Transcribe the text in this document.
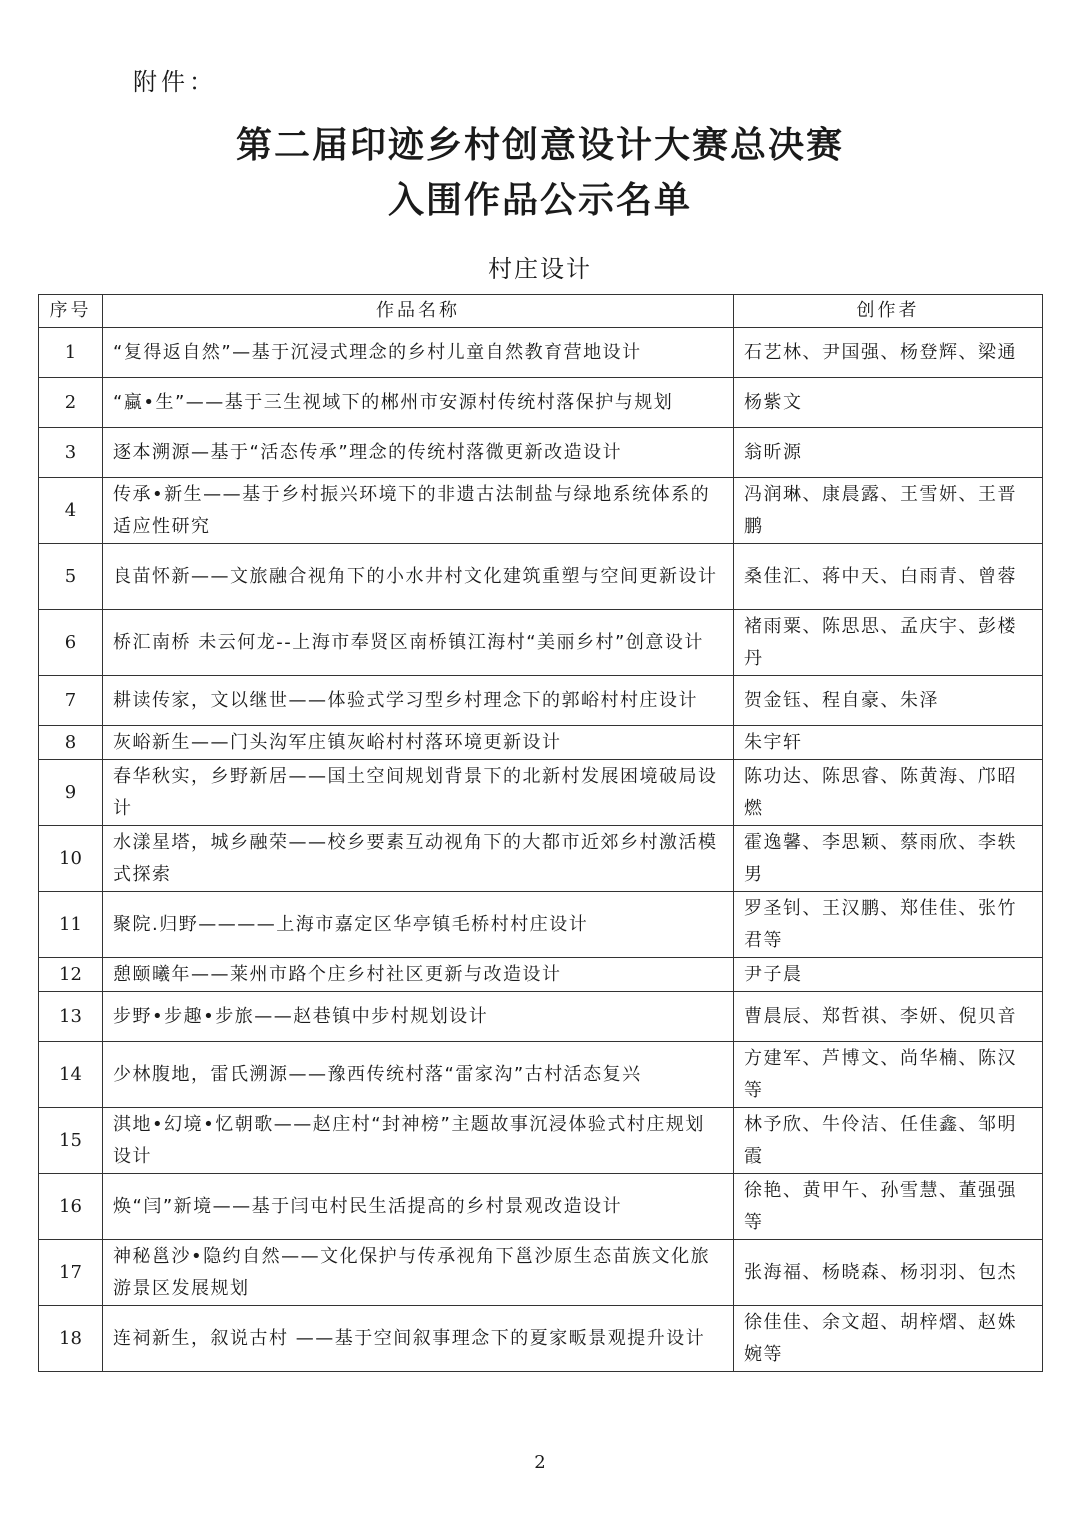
附件：
第二届印迹乡村创意设计大赛总决赛
入围作品公示名单
村庄设计
序号	作品名称	创作者
1	“复得返自然”—基于沉浸式理念的乡村儿童自然教育营地设计	石艺林、尹国强、杨登辉、梁通
2	“蠃•生”——基于三生视域下的郴州市安源村传统村落保护与规划	杨紫文
3	逐本溯源—基于“活态传承”理念的传统村落微更新改造设计	翁昕源
4	传承•新生——基于乡村振兴环境下的非遗古法制盐与绿地系统体系的适应性研究	冯润琳、康晨露、王雪妍、王晋鹏
5	良苗怀新——文旅融合视角下的小水井村文化建筑重塑与空间更新设计	桑佳汇、蒋中天、白雨青、曾蓉
6	桥汇南桥 未云何龙--上海市奉贤区南桥镇江海村“美丽乡村”创意设计	褚雨粟、陈思思、孟庆宇、彭楼丹
7	耕读传家，文以继世——体验式学习型乡村理念下的郭峪村村庄设计	贺金钰、程自豪、朱泽
8	灰峪新生——门头沟军庄镇灰峪村村落环境更新设计	朱宇轩
9	春华秋实，乡野新居——国土空间规划背景下的北新村发展困境破局设计	陈功达、陈思睿、陈黄海、邝昭燃
10	水漾星塔，城乡融荣——校乡要素互动视角下的大都市近郊乡村激活模式探索	霍逸馨、李思颖、蔡雨欣、李轶男
11	聚院.归野————上海市嘉定区华亭镇毛桥村村庄设计	罗圣钊、王汉鹏、郑佳佳、张竹君等
12	憩颐曦年——莱州市路个庄乡村社区更新与改造设计	尹子晨
13	步野•步趣•步旅——赵巷镇中步村规划设计	曹晨辰、郑哲祺、李妍、倪贝音
14	少林腹地，雷氏溯源——豫西传统村落“雷家沟”古村活态复兴	方建军、芦博文、尚华楠、陈汉等
15	淇地•幻境•忆朝歌——赵庄村“封神榜”主题故事沉浸体验式村庄规划设计	林予欣、牛伶洁、任佳鑫、邹明霞
16	焕“闫”新境——基于闫屯村民生活提高的乡村景观改造设计	徐艳、黄甲午、孙雪慧、董强强等
17	神秘邕沙•隐约自然——文化保护与传承视角下邕沙原生态苗族文化旅游景区发展规划	张海福、杨晓森、杨羽羽、包杰
18	连祠新生，叙说古村 ——基于空间叙事理念下的夏家畈景观提升设计	徐佳佳、余文超、胡梓熠、赵姝婉等
2
